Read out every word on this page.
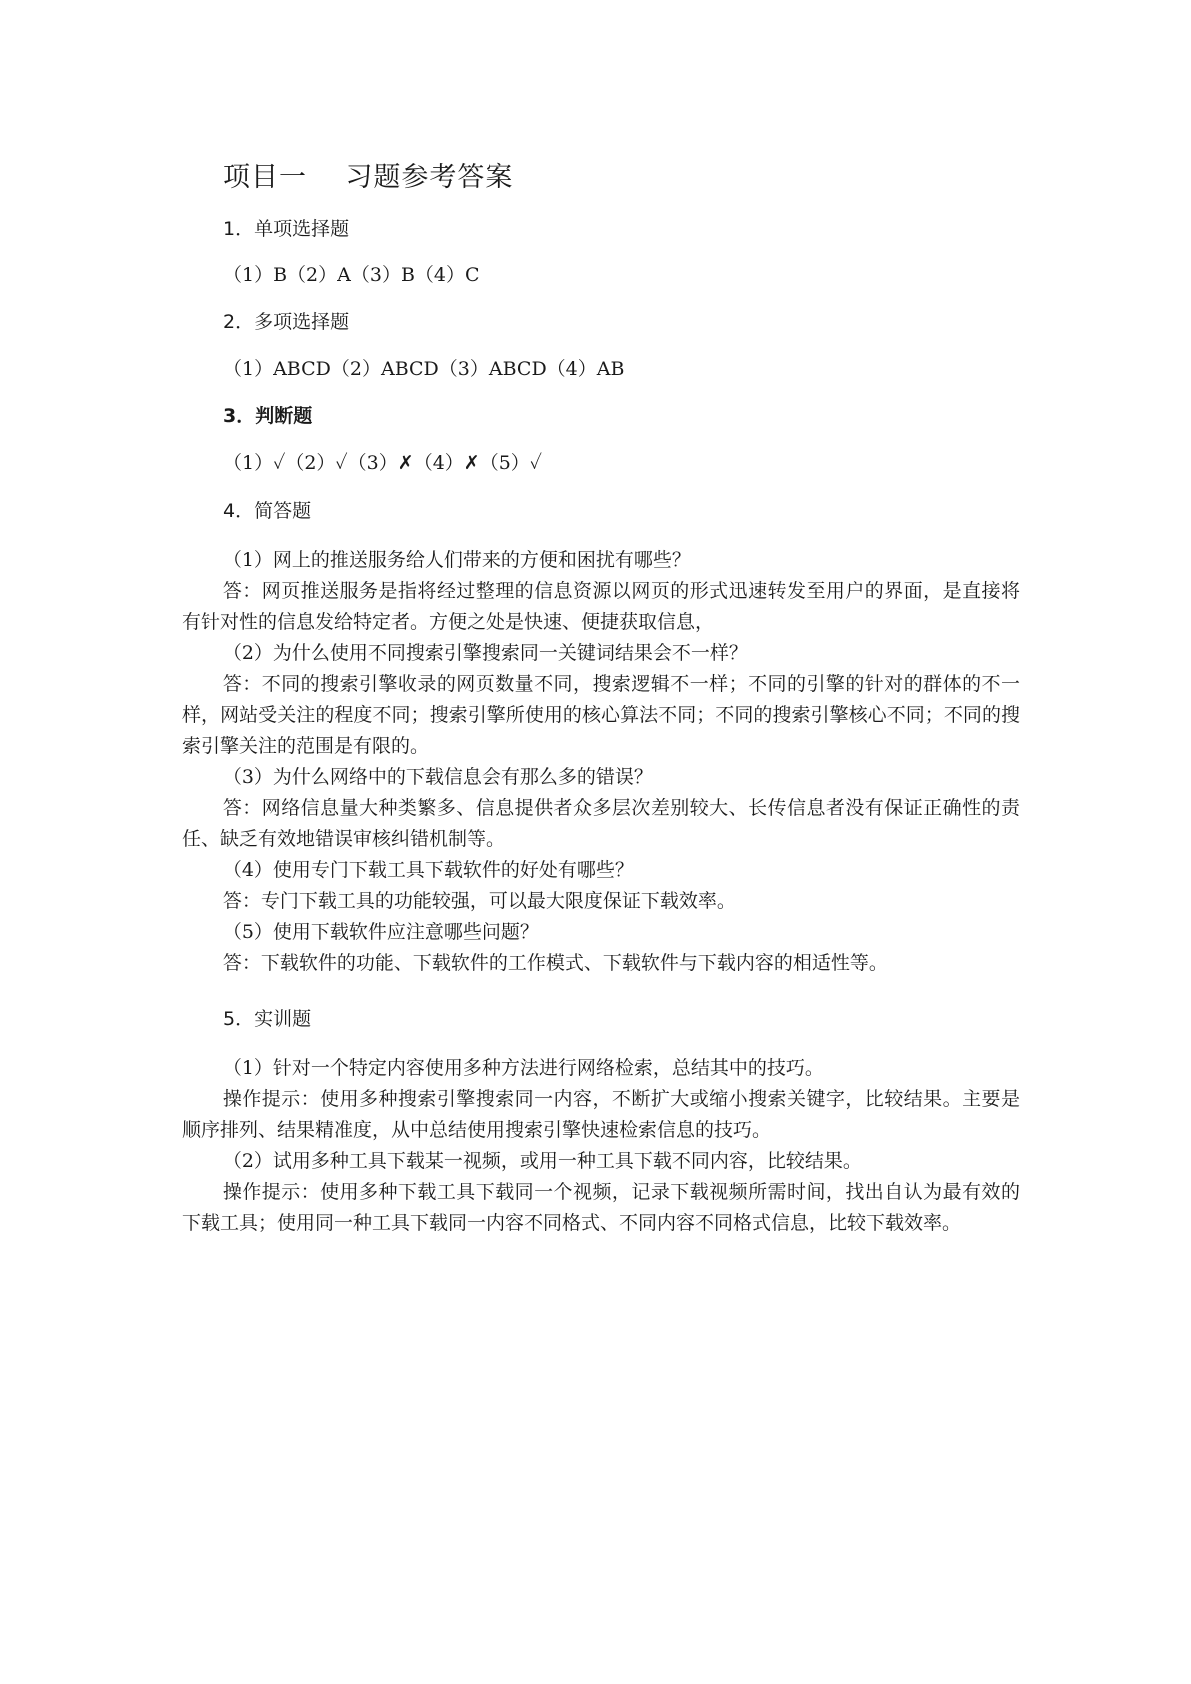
项目一    习题参考答案
1．单项选择题
（1）B（2）A（3）B（4）C
2．多项选择题
（1）ABCD（2）ABCD（3）ABCD（4）AB
3．判断题
（1）✓（2）✓（3）✗（4）✗（5）✓
4．简答题

（1）网上的推送服务给人们带来的方便和困扰有哪些？

答：网页推送服务是指将经过整理的信息资源以网页的形式迅速转发至用户的界面，是直接将有针对性的信息发给特定者。方便之处是快速、便捷获取信息，

（2）为什么使用不同搜索引擎搜索同一关键词结果会不一样？

答：不同的搜索引擎收录的网页数量不同，搜索逻辑不一样；不同的引擎的针对的群体的不一样，网站受关注的程度不同；搜索引擎所使用的核心算法不同；不同的搜索引擎核心不同；不同的搜索引擎关注的范围是有限的。

（3）为什么网络中的下载信息会有那么多的错误？

答：网络信息量大种类繁多、信息提供者众多层次差别较大、长传信息者没有保证正确性的责任、缺乏有效地错误审核纠错机制等。

（4）使用专门下载工具下载软件的好处有哪些？

答：专门下载工具的功能较强，可以最大限度保证下载效率。

（5）使用下载软件应注意哪些问题？

答：下载软件的功能、下载软件的工作模式、下载软件与下载内容的相适性等。

5．实训题

（1）针对一个特定内容使用多种方法进行网络检索，总结其中的技巧。

操作提示：使用多种搜索引擎搜索同一内容，不断扩大或缩小搜索关键字，比较结果。主要是顺序排列、结果精准度，从中总结使用搜索引擎快速检索信息的技巧。

（2）试用多种工具下载某一视频，或用一种工具下载不同内容，比较结果。

操作提示：使用多种下载工具下载同一个视频，记录下载视频所需时间，找出自认为最有效的下载工具；使用同一种工具下载同一内容不同格式、不同内容不同格式信息，比较下载效率。
